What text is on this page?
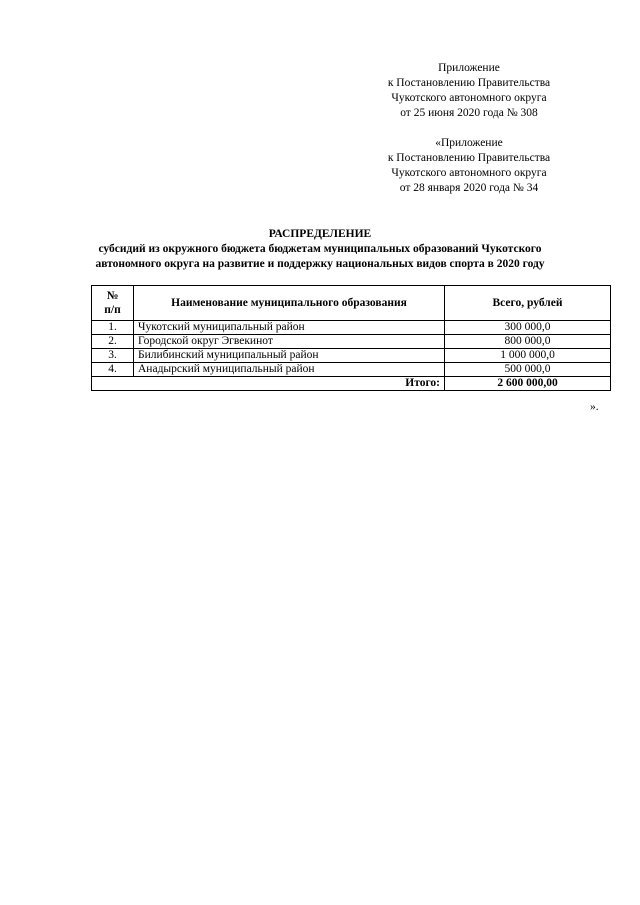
Приложение
к Постановлению Правительства
Чукотского автономного округа
от 25 июня 2020 года № 308
«Приложение
к Постановлению Правительства
Чукотского автономного округа
от 28 января 2020 года № 34
РАСПРЕДЕЛЕНИЕ
субсидий из окружного бюджета бюджетам муниципальных образований Чукотского
автономного округа на развитие и поддержку национальных видов спорта в 2020 году
№
п/п	Наименование муниципального образования	Всего, рублей
1.	Чукотский муниципальный район	300 000,0
2.	Городской округ Эгвекинот	800 000,0
3.	Билибинский муниципальный район	1 000 000,0
4.	Анадырский муниципальный район	500 000,0
Итого:		2 600 000,00
».
